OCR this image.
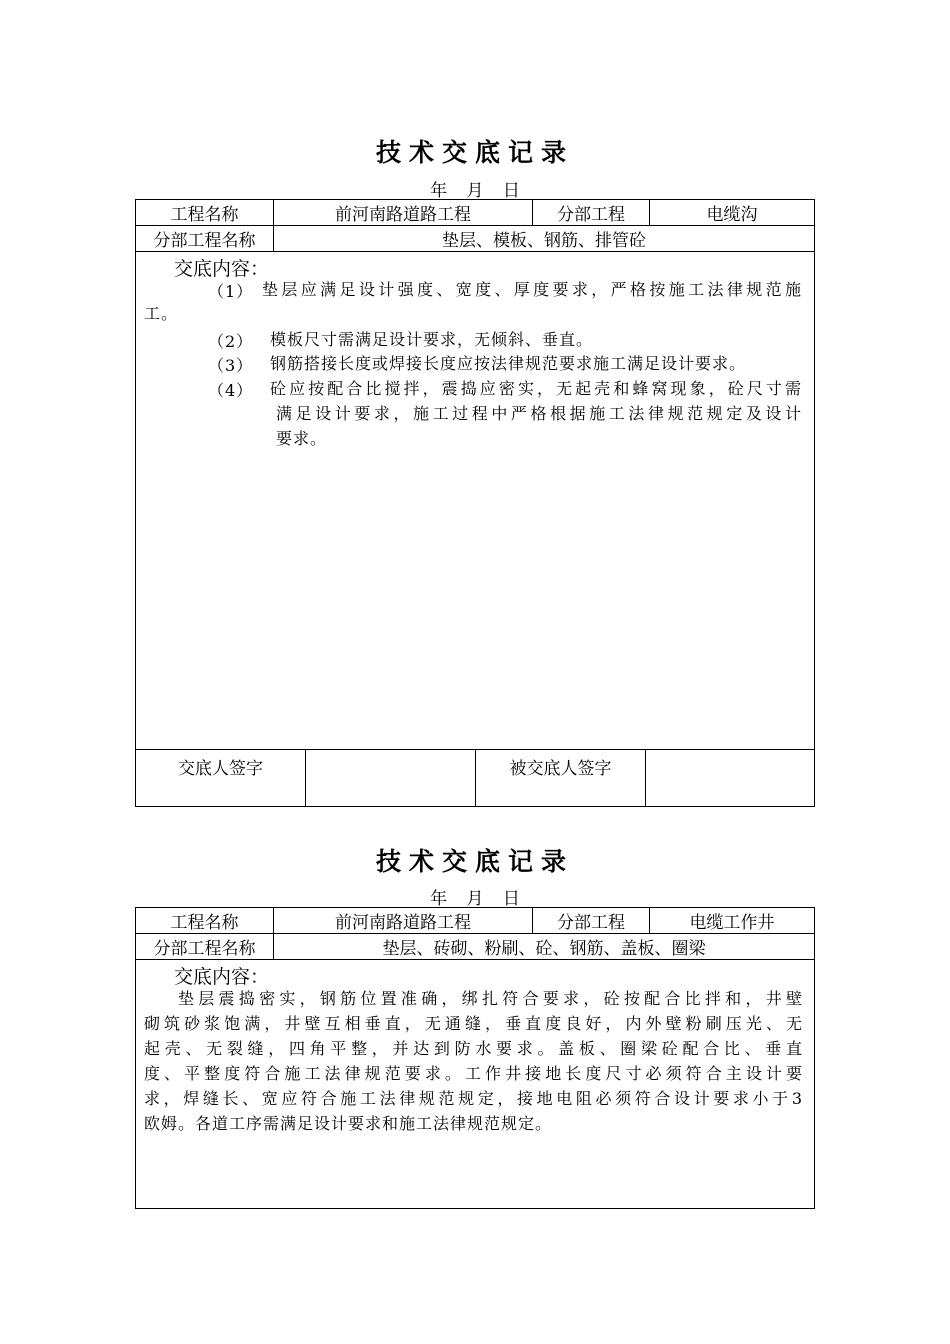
技术交底记录
年 月 日
工程名称	前河南路道路工程	分部工程	电缆沟
分部工程名称	垫层、模板、钢筋、排管砼
交底内容：
（1） 垫层应满足设计强度、宽度、厚度要求，严格按施工法律规范施
工。
（2） 模板尺寸需满足设计要求，无倾斜、垂直。
（3） 钢筋搭接长度或焊接长度应按法律规范要求施工满足设计要求。
（4） 砼应按配合比搅拌，震捣应密实，无起壳和蜂窝现象，砼尺寸需
满足设计要求，施工过程中严格根据施工法律规范规定及设计
要求。
交底人签字	被交底人签字
技术交底记录
年 月 日
工程名称	前河南路道路工程	分部工程	电缆工作井
分部工程名称	垫层、砖砌、粉刷、砼、钢筋、盖板、圈梁
交底内容：
垫层震捣密实，钢筋位置准确，绑扎符合要求，砼按配合比拌和，井壁
砌筑砂浆饱满，井壁互相垂直，无通缝，垂直度良好，内外壁粉刷压光、无
起壳、无裂缝，四角平整，并达到防水要求。盖板、圈梁砼配合比、垂直
度、平整度符合施工法律规范要求。工作井接地长度尺寸必须符合主设计要
求，焊缝长、宽应符合施工法律规范规定，接地电阻必须符合设计要求小于3
欧姆。各道工序需满足设计要求和施工法律规范规定。
